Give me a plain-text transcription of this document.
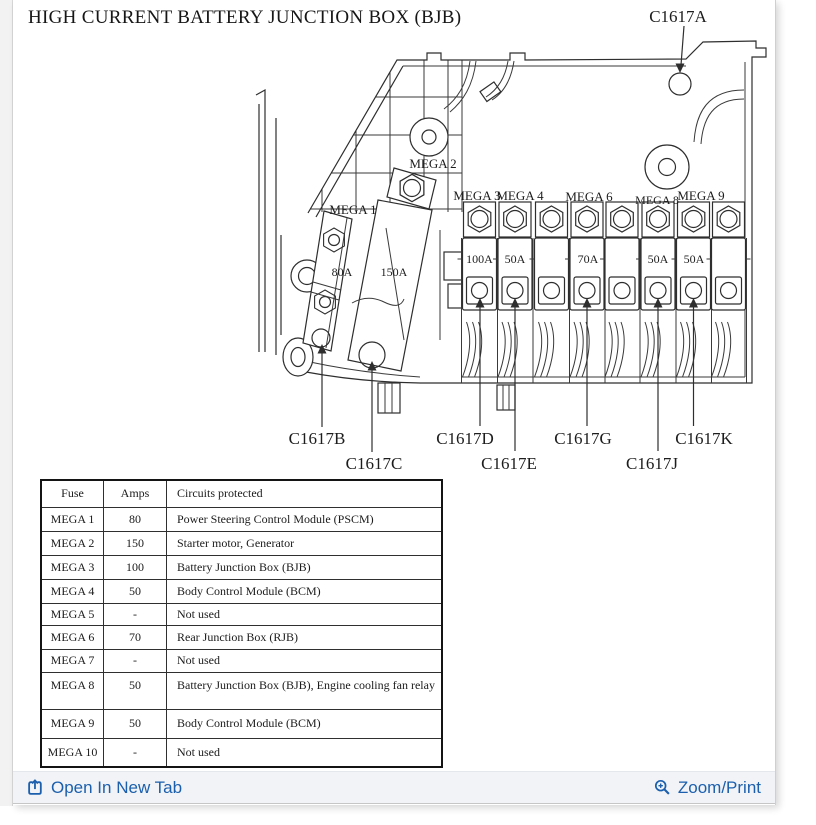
HIGH CURRENT BATTERY JUNCTION BOX (BJB)
MEGA 1
MEGA 2
MEGA 3
MEGA 4 MEGA 6 MEGA 8
MEGA 9
80A 150A
100A 50A	70A	50A 50A
C1617A
C1617B
C1617C
C1617D
C1617E
C1617G
C1617J
C1617K
Fuse	Amps	Circuits protected
MEGA 1	80	Power Steering Control Module (PSCM)
MEGA 2	150	Starter motor, Generator
MEGA 3	100	Battery Junction Box (BJB)
MEGA 4	50	Body Control Module (BCM)
MEGA 5	-	Not used
MEGA 6	70	Rear Junction Box (RJB)
MEGA 7	-	Not used
MEGA 8	50	Battery Junction Box (BJB), Engine cooling fan relay
MEGA 9	50	Body Control Module (BCM)
MEGA 10	-	Not used
Open In New Tab	Zoom/Print
